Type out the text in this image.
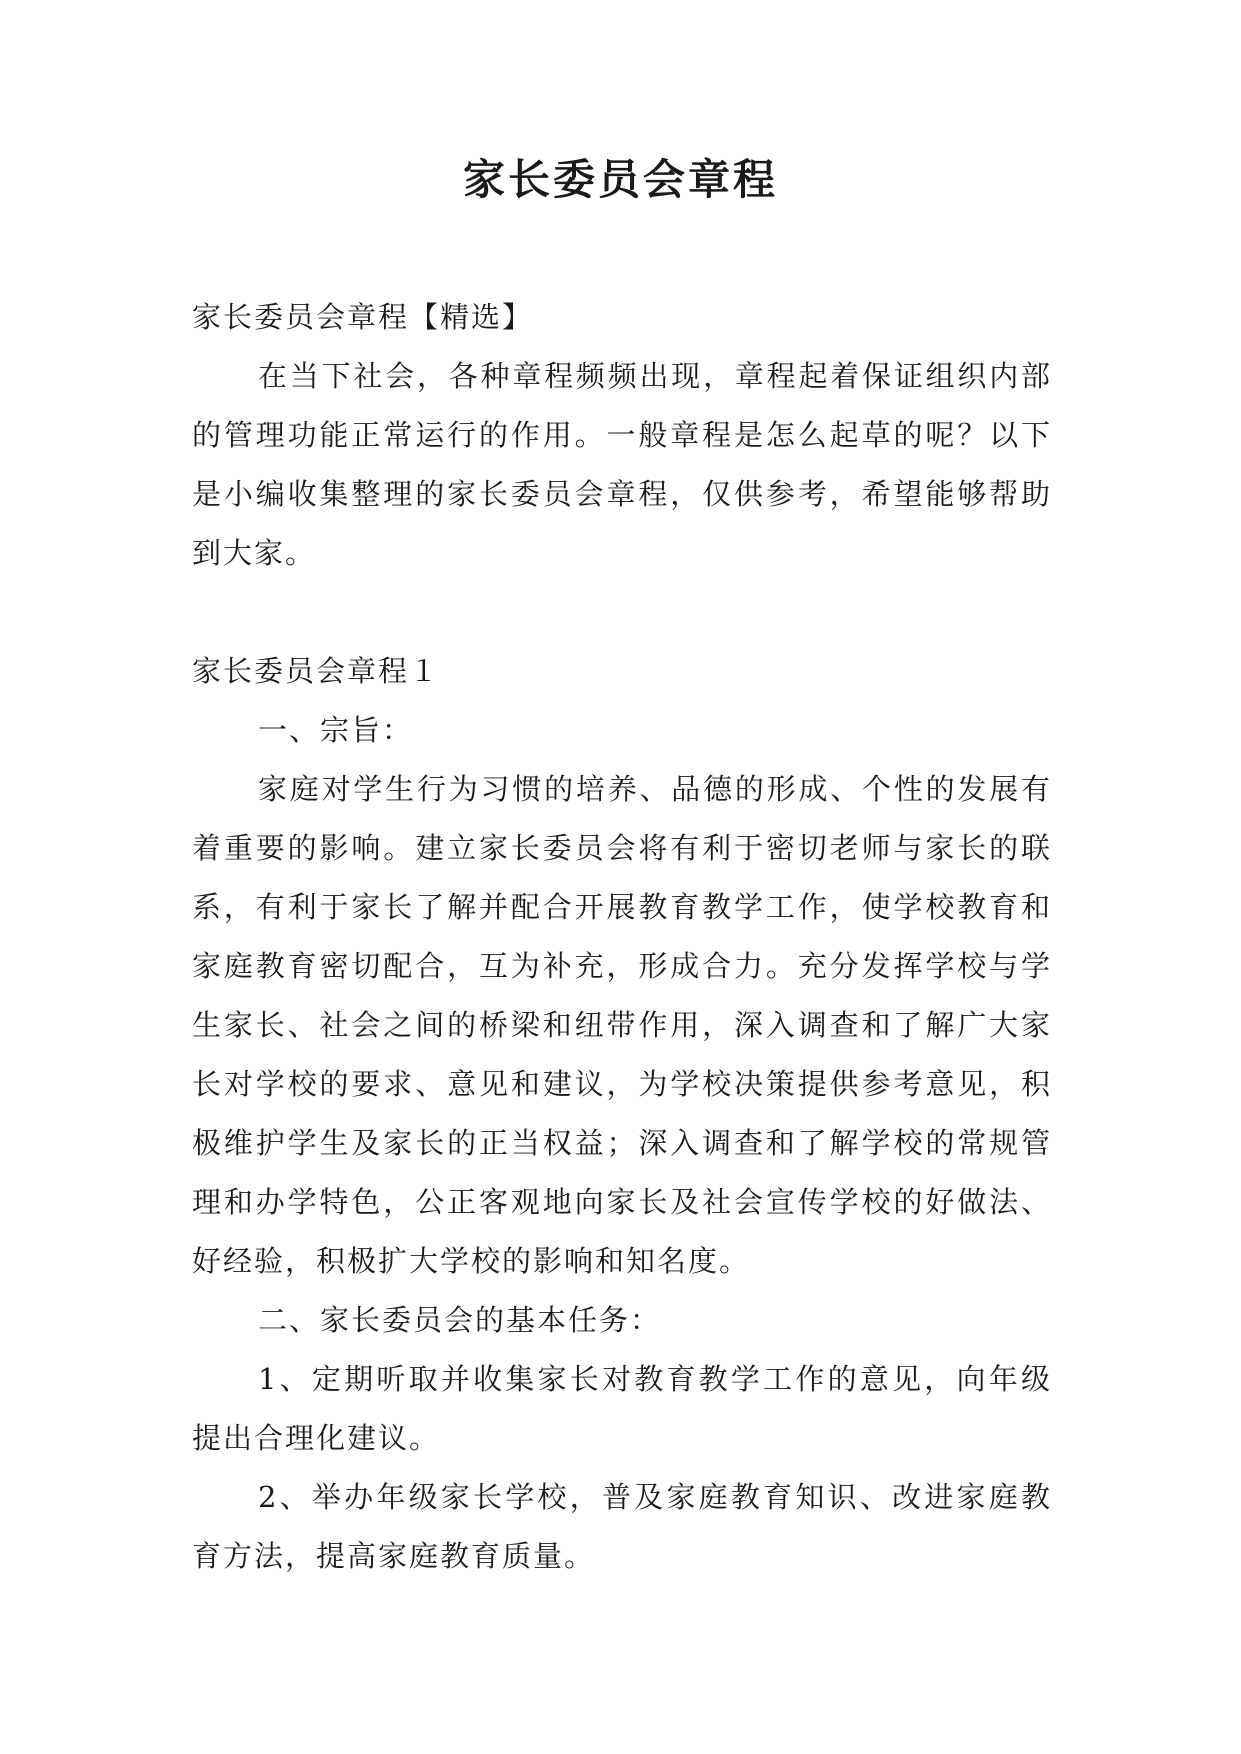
家长委员会章程

家长委员会章程【精选】

在当下社会，各种章程频频出现，章程起着保证组织内部的管理功能正常运行的作用。一般章程是怎么起草的呢？以下是小编收集整理的家长委员会章程，仅供参考，希望能够帮助到大家。

家长委员会章程１

一、宗旨：

家庭对学生行为习惯的培养、品德的形成、个性的发展有着重要的影响。建立家长委员会将有利于密切老师与家长的联系，有利于家长了解并配合开展教育教学工作，使学校教育和家庭教育密切配合，互为补充，形成合力。充分发挥学校与学生家长、社会之间的桥梁和纽带作用，深入调查和了解广大家长对学校的要求、意见和建议，为学校决策提供参考意见，积极维护学生及家长的正当权益；深入调查和了解学校的常规管理和办学特色，公正客观地向家长及社会宣传学校的好做法、好经验，积极扩大学校的影响和知名度。

二、家长委员会的基本任务：

1、定期听取并收集家长对教育教学工作的意见，向年级提出合理化建议。

2、举办年级家长学校，普及家庭教育知识、改进家庭教育方法，提高家庭教育质量。
